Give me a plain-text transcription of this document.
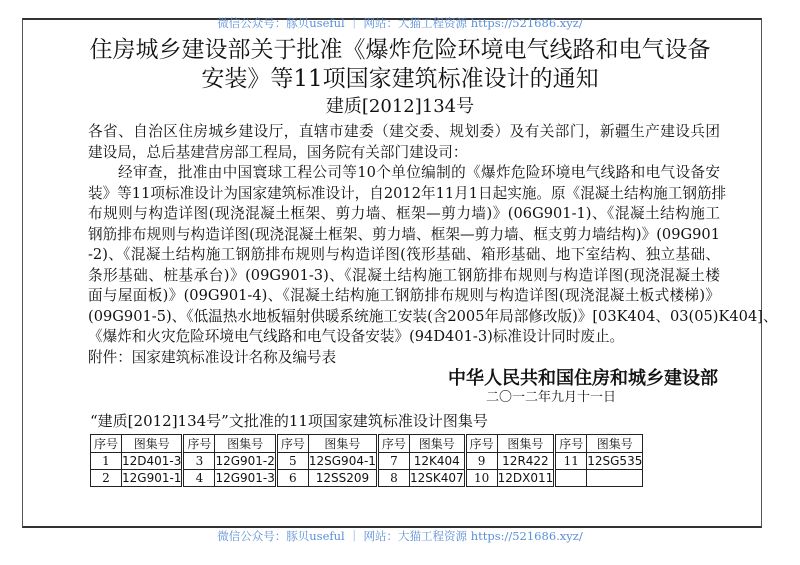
微信公众号：豚贝useful ｜ 网站：大猫工程资源 https://521686.xyz/
住房城乡建设部关于批准《爆炸危险环境电气线路和电气设备
安装》等11项国家建筑标准设计的通知
建质[2012]134号
各省、自治区住房城乡建设厅，直辖市建委（建交委、规划委）及有关部门，新疆生产建设兵团
建设局，总后基建营房部工程局，国务院有关部门建设司：
经审查，批准由中国寰球工程公司等10个单位编制的《爆炸危险环境电气线路和电气设备安
装》等11项标准设计为国家建筑标准设计，自2012年11月1日起实施。原《混凝土结构施工钢筋排
布规则与构造详图(现浇混凝土框架、剪力墙、框架—剪力墙)》(06G901-1)、《混凝土结构施工
钢筋排布规则与构造详图(现浇混凝土框架、剪力墙、框架—剪力墙、框支剪力墙结构)》(09G901
-2)、《混凝土结构施工钢筋排布规则与构造详图(筏形基础、箱形基础、地下室结构、独立基础、
条形基础、桩基承台)》(09G901-3)、《混凝土结构施工钢筋排布规则与构造详图(现浇混凝土楼
面与屋面板)》(09G901-4)、《混凝土结构施工钢筋排布规则与构造详图(现浇混凝土板式楼梯)》
(09G901-5)、《低温热水地板辐射供暖系统施工安装(含2005年局部修改版)》[03K404、03(05)K404]、
《爆炸和火灾危险环境电气线路和电气设备安装》(94D401-3)标准设计同时废止。
附件：国家建筑标准设计名称及编号表
中华人民共和国住房和城乡建设部
二〇一二年九月十一日
“建质[2012]134号”文批准的11项国家建筑标准设计图集号
序号	图集号	序号	图集号	序号	图集号	序号	图集号	序号	图集号	序号	图集号
1	12D401-3	3	12G901-2	5	12SG904-1	7	12K404	9	12R422	11	12SG535
2	12G901-1	4	12G901-3	6	12SS209	8	12SK407	10	12DX011		
微信公众号：豚贝useful ｜ 网站：大猫工程资源 https://521686.xyz/
